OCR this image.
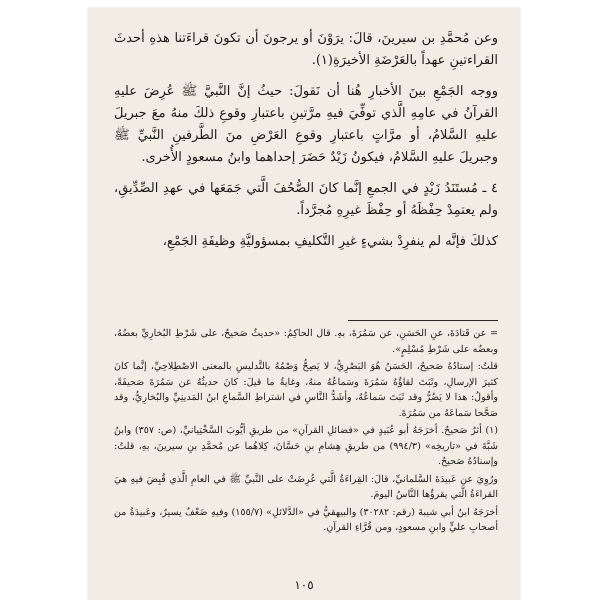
وعن مُحمَّدِ بن سيرينَ، قالَ: يرَوْنَ أو يرجونَ أن تكونَ قراءَتنا هذهِ أحدثَ القراءتينِ عهداً بالعَرْضَةِ الأخيرَةِ(١).

ووجه الجَمْعِ بينَ الأخبارِ هُنا أن نَقولَ: حيثُ إنَّ النَّبيَّ ﷺ عُرِضَ عليهِ القرآنُ في عامِهِ الَّذي توفِّيَ فيهِ مرَّتينِ باعتبارِ وقوعِ ذلكَ منهُ معَ جبريلَ عليهِ السَّلامُ، أو مرَّاتٍ باعتبارِ وقوعِ العَرْضِ منَ الطَّرفينِ النَّبيِّ ﷺ وجبريلَ عليهِ السَّلامُ، فيكونُ زَيْدٌ حَضَرَ إحداهما وابنُ مسعودٍ الأُخرى.

٤ ـ مُستَنَدُ زَيْدٍ في الجمعِ إنَّما كانَ الصُّحُفَ الَّتي جَمَعَها في عهدِ الصِّدِّيقِ، ولم يعتمِدْ حِفْظَهُ أو حِفْظَ غيرِهِ مُجرَّداً.

كذلكَ فإنَّه لم ينفرِدْ بشيءٍ غيرِ التَّكليفِ بمسؤوليَّةِ وظيفَةِ الجَمْعِ،

= عن قَتادَةَ، عنِ الحَسَنِ، عن سَمُرَةَ، بهِ. قال الحاكِمُ: «حديثٌ صَحيحٌ، على شَرْطِ البُخارِيِّ بعضُهُ، وبعضُه على شَرْطِ مُسْلِمٍ».

قلتُ: إسنادُهُ صَحيحٌ، الحَسَنُ هُوَ البَصْرِيُّ، لا يَصِحُّ وَصْمُهُ بالتَّدليسِ بالمعنى الاصْطِلاحِيِّ، إنَّما كانَ كثيرَ الإرسالِ، وثَبَتَ لقاؤُهُ سَمُرَةَ وسَماعُهُ منهُ، وغايةُ ما قيلَ: كانَ حديثُهُ عن سَمُرَةَ صَحيفَةً، وأقولُ: هذا لا يَضُرُّ وقد ثَبَتَ سَماعُهُ، وأشَدُّ النَّاسِ في اشتراطِ السَّماعِ ابنُ المَدينِيِّ والبُخارِيُّ، وقد صَحَّحا سَماعَهُ من سَمُرَةَ.

(١) أثرٌ صَحيحٌ. أخرَجَهُ أبو عُبَيدٍ في «فضائلِ القرآنِ» من طريقِ أيُّوبَ السَّخْتِيانيِّ، (ص: ٣٥٧) وابنُ شَبَّةَ في «تاريخِه» (٩٩٤/٣) من طريقِ هِشامِ بنِ حَسَّانَ، كِلاهُما عن مُحمَّدِ بنِ سيرينَ، بهِ، قلتُ: وإسنادُهُ صَحيحٌ.

ورُوِيَ عن عَبيدَةَ السَّلمانيِّ، قالَ: القِراءَةُ الَّتي عُرِضَتْ على النَّبيِّ ﷺ في العامِ الَّذي قُبِضَ فيهِ هيَ القراءَةُ الَّتي يقرؤُها النَّاسُ اليومَ.

أخرَجَهُ ابنُ أبي شيبةَ (رقم: ٣٠٢٨٢) والبيهقيُّ في «الدَّلائلِ» (١٥٥/٧) وفيهِ ضَعْفٌ يسيرٌ، وعَبيدَةُ من أصحابِ عليٍّ وابنِ مسعودٍ، ومن قُرَّاءِ القرآنِ.

١٠٥
